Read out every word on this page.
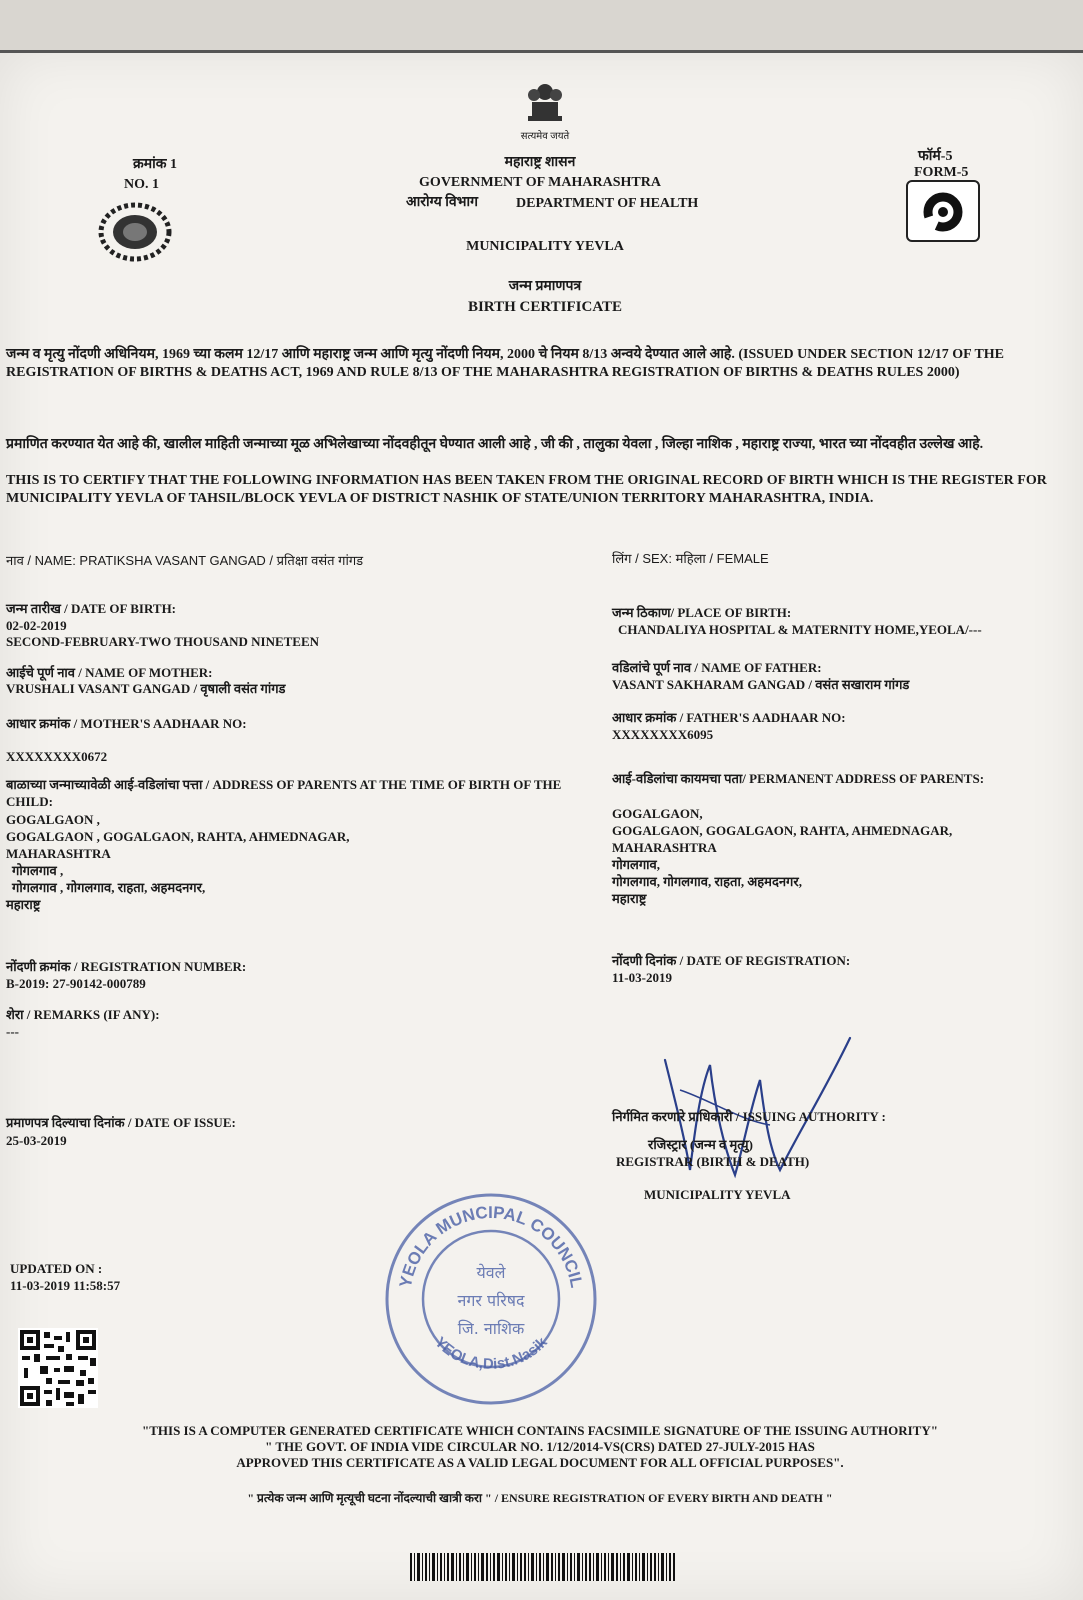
सत्यमेव जयते
क्रमांक 1
NO. 1
फॉर्म-5
FORM-5
महाराष्ट्र शासन
GOVERNMENT OF MAHARASHTRA
आरोग्य विभाग	DEPARTMENT OF HEALTH
MUNICIPALITY YEVLA
जन्म प्रमाणपत्र
BIRTH CERTIFICATE
जन्म व मृत्यु नोंदणी अधिनियम, 1969 च्या कलम 12/17 आणि महाराष्ट्र जन्म आणि मृत्यु नोंदणी नियम, 2000 चे नियम 8/13 अन्वये देण्यात आले आहे. (ISSUED UNDER SECTION 12/17 OF THE REGISTRATION OF BIRTHS & DEATHS ACT, 1969 AND RULE 8/13 OF THE MAHARASHTRA REGISTRATION OF BIRTHS & DEATHS RULES 2000)
प्रमाणित करण्यात येत आहे की, खालील माहिती जन्माच्या मूळ अभिलेखाच्या नोंदवहीतून घेण्यात आली आहे , जी की , तालुका येवला , जिल्हा नाशिक , महाराष्ट्र राज्या, भारत च्या नोंदवहीत उल्लेख आहे.
THIS IS TO CERTIFY THAT THE FOLLOWING INFORMATION HAS BEEN TAKEN FROM THE ORIGINAL RECORD OF BIRTH WHICH IS THE REGISTER FOR MUNICIPALITY YEVLA OF TAHSIL/BLOCK YEVLA OF DISTRICT NASHIK OF STATE/UNION TERRITORY MAHARASHTRA, INDIA.
नाव / NAME: PRATIKSHA VASANT GANGAD / प्रतिक्षा वसंत गांगड
जन्म तारीख / DATE OF BIRTH:
02-02-2019
SECOND-FEBRUARY-TWO THOUSAND NINETEEN
आईचे पूर्ण नाव / NAME OF MOTHER:
VRUSHALI VASANT GANGAD / वृषाली वसंत गांगड
आधार क्रमांक / MOTHER'S AADHAAR NO:
XXXXXXXX0672
बाळाच्या जन्माच्यावेळी आई-वडिलांचा पत्ता / ADDRESS OF PARENTS AT THE TIME OF BIRTH OF THE CHILD:
GOGALGAON ,
GOGALGAON , GOGALGAON, RAHTA, AHMEDNAGAR,
MAHARASHTRA
गोगलगाव ,
गोगलगाव , गोगलगाव, राहता, अहमदनगर,
महाराष्ट्र
नोंदणी क्रमांक / REGISTRATION NUMBER:
B-2019: 27-90142-000789
शेरा / REMARKS (IF ANY):
---
प्रमाणपत्र दिल्याचा दिनांक / DATE OF ISSUE:
25-03-2019
लिंग / SEX: महिला / FEMALE
जन्म ठिकाण/ PLACE OF BIRTH:
CHANDALIYA HOSPITAL & MATERNITY HOME,YEOLA/---
वडिलांचे पूर्ण नाव / NAME OF FATHER:
VASANT SAKHARAM GANGAD / वसंत सखाराम गांगड
आधार क्रमांक / FATHER'S AADHAAR NO:
XXXXXXXX6095
आई-वडिलांचा कायमचा पता/ PERMANENT ADDRESS OF PARENTS:
GOGALGAON,
GOGALGAON, GOGALGAON, RAHTA, AHMEDNAGAR,
MAHARASHTRA
गोगलगाव,
गोगलगाव, गोगलगाव, राहता, अहमदनगर,
महाराष्ट्र
नोंदणी दिनांक / DATE OF REGISTRATION:
11-03-2019
निर्गमित करणारे प्राधिकारी / ISSUING AUTHORITY :
रजिस्ट्रार (जन्म व मृत्यु)
REGISTRAR (BIRTH & DEATH)
MUNICIPALITY YEVLA
YEOLA MUNCIPAL COUNCIL
YEOLA,Dist.Nasik
येवले
नगर परिषद
जि. नाशिक
UPDATED ON :
11-03-2019 11:58:57
"THIS IS A COMPUTER GENERATED CERTIFICATE WHICH CONTAINS FACSIMILE SIGNATURE OF THE ISSUING AUTHORITY"
" THE GOVT. OF INDIA VIDE CIRCULAR NO. 1/12/2014-VS(CRS) DATED 27-JULY-2015 HAS
APPROVED THIS CERTIFICATE AS A VALID LEGAL DOCUMENT FOR ALL OFFICIAL PURPOSES".
" प्रत्येक जन्म आणि मृत्यूची घटना नोंदल्याची खात्री करा " / ENSURE REGISTRATION OF EVERY BIRTH AND DEATH "
